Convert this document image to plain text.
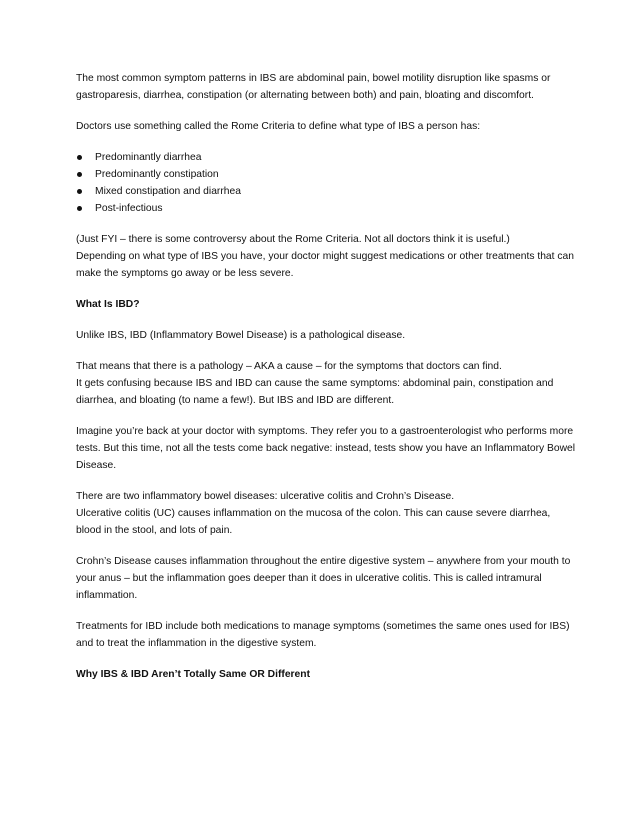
The most common symptom patterns in IBS are abdominal pain, bowel motility disruption like spasms or gastroparesis, diarrhea, constipation (or alternating between both) and pain, bloating and discomfort.

Doctors use something called the Rome Criteria to define what type of IBS a person has:

Predominantly diarrhea
Predominantly constipation
Mixed constipation and diarrhea
Post-infectious

(Just FYI – there is some controversy about the Rome Criteria. Not all doctors think it is useful.)

Depending on what type of IBS you have, your doctor might suggest medications or other treatments that can make the symptoms go away or be less severe.

What Is IBD?

Unlike IBS, IBD (Inflammatory Bowel Disease) is a pathological disease.

That means that there is a pathology – AKA a cause – for the symptoms that doctors can find.

It gets confusing because IBS and IBD can cause the same symptoms: abdominal pain, constipation and diarrhea, and bloating (to name a few!). But IBS and IBD are different.

Imagine you’re back at your doctor with symptoms. They refer you to a gastroenterologist who performs more tests. But this time, not all the tests come back negative: instead, tests show you have an Inflammatory Bowel Disease.

There are two inflammatory bowel diseases: ulcerative colitis and Crohn’s Disease.

Ulcerative colitis (UC) causes inflammation on the mucosa of the colon. This can cause severe diarrhea, blood in the stool, and lots of pain.

Crohn’s Disease causes inflammation throughout the entire digestive system – anywhere from your mouth to your anus – but the inflammation goes deeper than it does in ulcerative colitis. This is called intramural inflammation.

Treatments for IBD include both medications to manage symptoms (sometimes the same ones used for IBS) and to treat the inflammation in the digestive system.

Why IBS & IBD Aren’t Totally Same OR Different
